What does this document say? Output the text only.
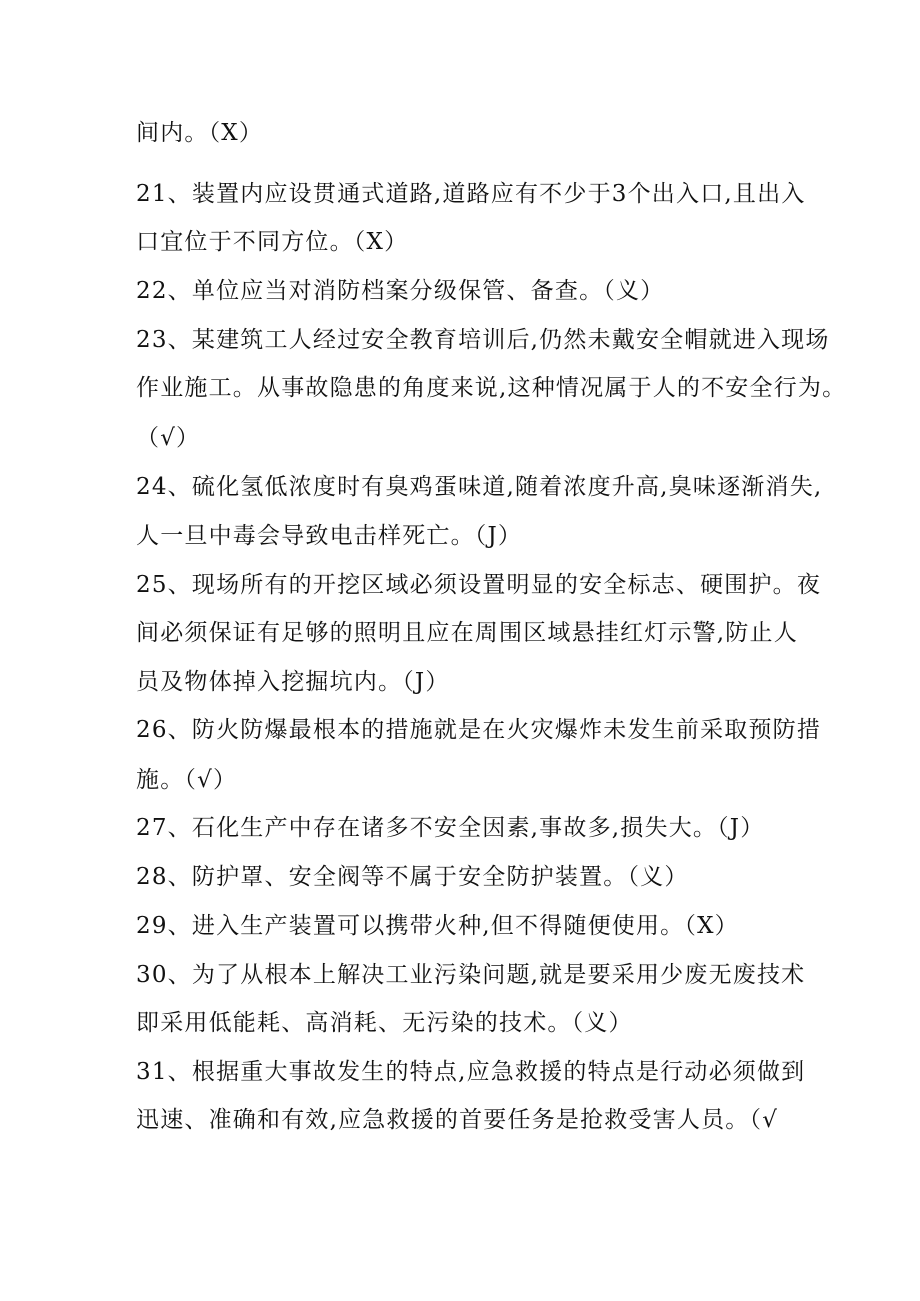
间内。（X）
21、装置内应设贯通式道路,道路应有不少于3个出入口,且出入
口宜位于不同方位。（X）
22、单位应当对消防档案分级保管、备查。（义）
23、某建筑工人经过安全教育培训后,仍然未戴安全帽就进入现场
作业施工。从事故隐患的角度来说,这种情况属于人的不安全行为。
（√）
24、硫化氢低浓度时有臭鸡蛋味道,随着浓度升高,臭味逐渐消失,
人一旦中毒会导致电击样死亡。（J）
25、现场所有的开挖区域必须设置明显的安全标志、硬围护。夜
间必须保证有足够的照明且应在周围区域悬挂红灯示警,防止人
员及物体掉入挖掘坑内。（J）
26、防火防爆最根本的措施就是在火灾爆炸未发生前采取预防措
施。（√）
27、石化生产中存在诸多不安全因素,事故多,损失大。（J）
28、防护罩、安全阀等不属于安全防护装置。（义）
29、进入生产装置可以携带火种,但不得随便使用。（X）
30、为了从根本上解决工业污染问题,就是要采用少废无废技术
即采用低能耗、高消耗、无污染的技术。（义）
31、根据重大事故发生的特点,应急救援的特点是行动必须做到
迅速、准确和有效,应急救援的首要任务是抢救受害人员。（√
